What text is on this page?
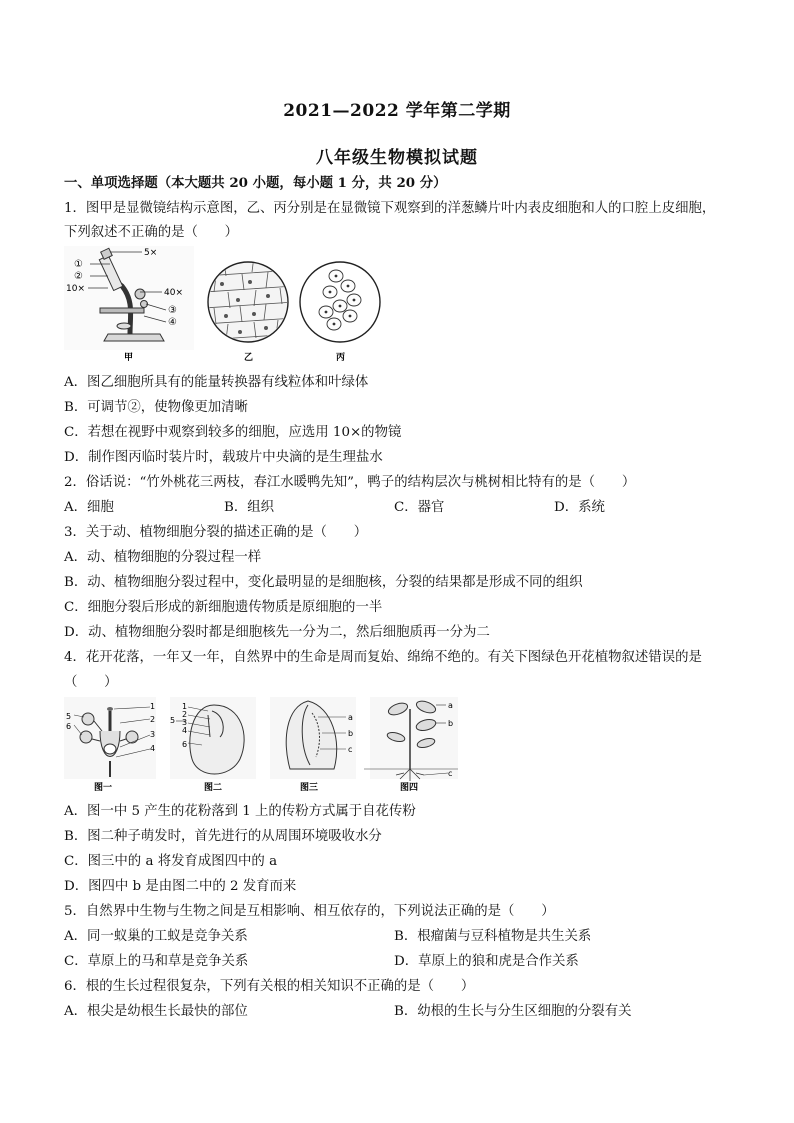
2021—2022 学年第二学期
八年级生物模拟试题
一、单项选择题（本大题共 20 小题，每小题 1 分，共 20 分）
1．图甲是显微镜结构示意图，乙、丙分别是在显微镜下观察到的洋葱鳞片叶内表皮细胞和人的口腔上皮细胞，
下列叙述不正确的是（　　）
5×
①
②
10×	40×
③
④
甲	乙	丙
A．图乙细胞所具有的能量转换器有线粒体和叶绿体
B．可调节②，使物像更加清晰
C．若想在视野中观察到较多的细胞，应选用 10×的物镜
D．制作图丙临时装片时，载玻片中央滴的是生理盐水
2．俗话说：“竹外桃花三两枝，春江水暖鸭先知”，鸭子的结构层次与桃树相比特有的是（　　）
A．细胞	B．组织	C．器官	D．系统
3．关于动、植物细胞分裂的描述正确的是（　　）
A．动、植物细胞的分裂过程一样
B．动、植物细胞分裂过程中，变化最明显的是细胞核，分裂的结果都是形成不同的组织
C．细胞分裂后形成的新细胞遗传物质是原细胞的一半
D．动、植物细胞分裂时都是细胞核先一分为二，然后细胞质再一分为二
4．花开花落，一年又一年，自然界中的生命是周而复始、绵绵不绝的。有关下图绿色开花植物叙述错误的是
（　　）
5
6
1
2
3
4
图一
1
2
3
4
5
6
图二
a
b
c
图三
a
b
c
图四
A．图一中 5 产生的花粉落到 1 上的传粉方式属于自花传粉
B．图二种子萌发时，首先进行的从周围环境吸收水分
C．图三中的 a 将发育成图四中的 a
D．图四中 b 是由图二中的 2 发育而来
5．自然界中生物与生物之间是互相影响、相互依存的，下列说法正确的是（　　）
A．同一蚁巢的工蚁是竞争关系	B．根瘤菌与豆科植物是共生关系
C．草原上的马和草是竞争关系	D．草原上的狼和虎是合作关系
6．根的生长过程很复杂，下列有关根的相关知识不正确的是（　　）
A．根尖是幼根生长最快的部位	B．幼根的生长与分生区细胞的分裂有关
